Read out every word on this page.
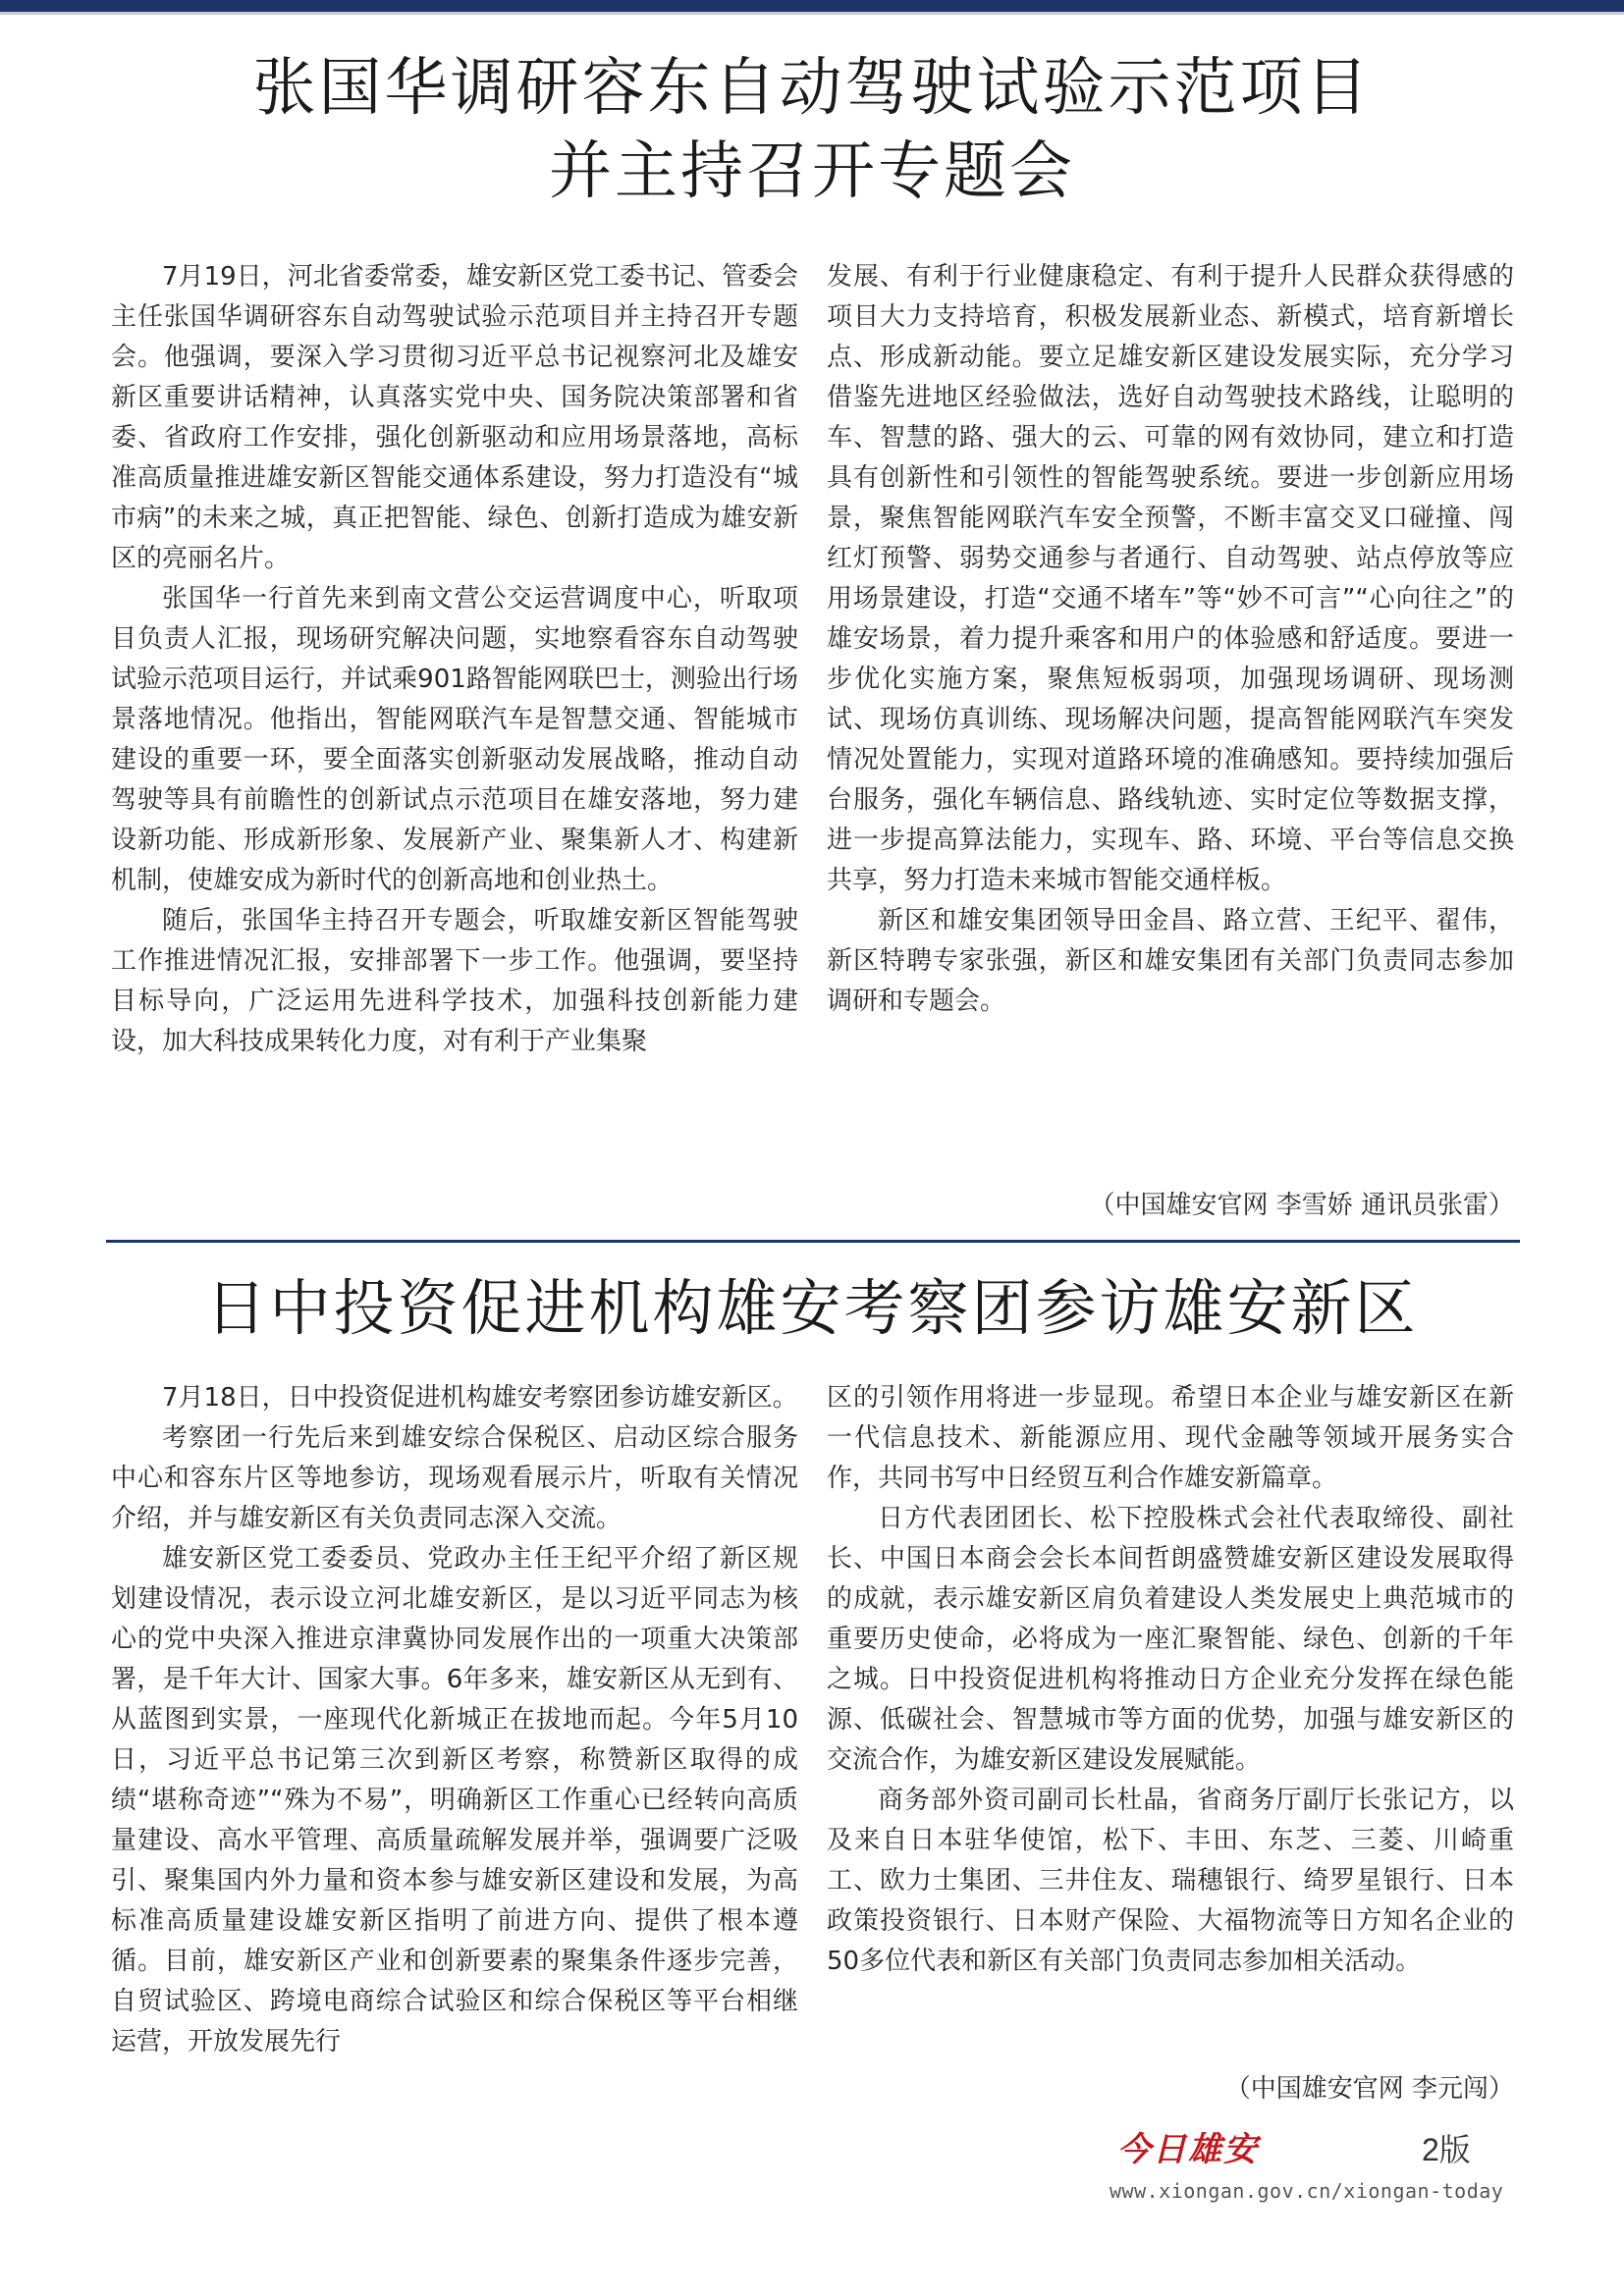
张国华调研容东自动驾驶试验示范项目
并主持召开专题会

7月19日，河北省委常委，雄安新区党工委书记、管委会主任张国华调研容东自动驾驶试验示范项目并主持召开专题会。他强调，要深入学习贯彻习近平总书记视察河北及雄安新区重要讲话精神，认真落实党中央、国务院决策部署和省委、省政府工作安排，强化创新驱动和应用场景落地，高标准高质量推进雄安新区智能交通体系建设，努力打造没有“城市病”的未来之城，真正把智能、绿色、创新打造成为雄安新区的亮丽名片。

张国华一行首先来到南文营公交运营调度中心，听取项目负责人汇报，现场研究解决问题，实地察看容东自动驾驶试验示范项目运行，并试乘901路智能网联巴士，测验出行场景落地情况。他指出，智能网联汽车是智慧交通、智能城市建设的重要一环，要全面落实创新驱动发展战略，推动自动驾驶等具有前瞻性的创新试点示范项目在雄安落地，努力建设新功能、形成新形象、发展新产业、聚集新人才、构建新机制，使雄安成为新时代的创新高地和创业热土。

随后，张国华主持召开专题会，听取雄安新区智能驾驶工作推进情况汇报，安排部署下一步工作。他强调，要坚持目标导向，广泛运用先进科学技术，加强科技创新能力建设，加大科技成果转化力度，对有利于产业集聚

发展、有利于行业健康稳定、有利于提升人民群众获得感的项目大力支持培育，积极发展新业态、新模式，培育新增长点、形成新动能。要立足雄安新区建设发展实际，充分学习借鉴先进地区经验做法，选好自动驾驶技术路线，让聪明的车、智慧的路、强大的云、可靠的网有效协同，建立和打造具有创新性和引领性的智能驾驶系统。要进一步创新应用场景，聚焦智能网联汽车安全预警，不断丰富交叉口碰撞、闯红灯预警、弱势交通参与者通行、自动驾驶、站点停放等应用场景建设，打造“交通不堵车”等“妙不可言”“心向往之”的雄安场景，着力提升乘客和用户的体验感和舒适度。要进一步优化实施方案，聚焦短板弱项，加强现场调研、现场测试、现场仿真训练、现场解决问题，提高智能网联汽车突发情况处置能力，实现对道路环境的准确感知。要持续加强后台服务，强化车辆信息、路线轨迹、实时定位等数据支撑，进一步提高算法能力，实现车、路、环境、平台等信息交换共享，努力打造未来城市智能交通样板。

新区和雄安集团领导田金昌、路立营、王纪平、翟伟，新区特聘专家张强，新区和雄安集团有关部门负责同志参加调研和专题会。

（中国雄安官网 李雪娇 通讯员张雷）
日中投资促进机构雄安考察团参访雄安新区

7月18日，日中投资促进机构雄安考察团参访雄安新区。

考察团一行先后来到雄安综合保税区、启动区综合服务中心和容东片区等地参访，现场观看展示片，听取有关情况介绍，并与雄安新区有关负责同志深入交流。

雄安新区党工委委员、党政办主任王纪平介绍了新区规划建设情况，表示设立河北雄安新区，是以习近平同志为核心的党中央深入推进京津冀协同发展作出的一项重大决策部署，是千年大计、国家大事。6年多来，雄安新区从无到有、从蓝图到实景，一座现代化新城正在拔地而起。今年5月10日，习近平总书记第三次到新区考察，称赞新区取得的成绩“堪称奇迹”“殊为不易”，明确新区工作重心已经转向高质量建设、高水平管理、高质量疏解发展并举，强调要广泛吸引、聚集国内外力量和资本参与雄安新区建设和发展，为高标准高质量建设雄安新区指明了前进方向、提供了根本遵循。目前，雄安新区产业和创新要素的聚集条件逐步完善，自贸试验区、跨境电商综合试验区和综合保税区等平台相继运营，开放发展先行

区的引领作用将进一步显现。希望日本企业与雄安新区在新一代信息技术、新能源应用、现代金融等领域开展务实合作，共同书写中日经贸互利合作雄安新篇章。

日方代表团团长、松下控股株式会社代表取缔役、副社长、中国日本商会会长本间哲朗盛赞雄安新区建设发展取得的成就，表示雄安新区肩负着建设人类发展史上典范城市的重要历史使命，必将成为一座汇聚智能、绿色、创新的千年之城。日中投资促进机构将推动日方企业充分发挥在绿色能源、低碳社会、智慧城市等方面的优势，加强与雄安新区的交流合作，为雄安新区建设发展赋能。

商务部外资司副司长杜晶，省商务厅副厅长张记方，以及来自日本驻华使馆，松下、丰田、东芝、三菱、川崎重工、欧力士集团、三井住友、瑞穗银行、绮罗星银行、日本政策投资银行、日本财产保险、大福物流等日方知名企业的50多位代表和新区有关部门负责同志参加相关活动。

（中国雄安官网 李元闯）
今日雄安	2版
www.xiongan.gov.cn/xiongan-today
